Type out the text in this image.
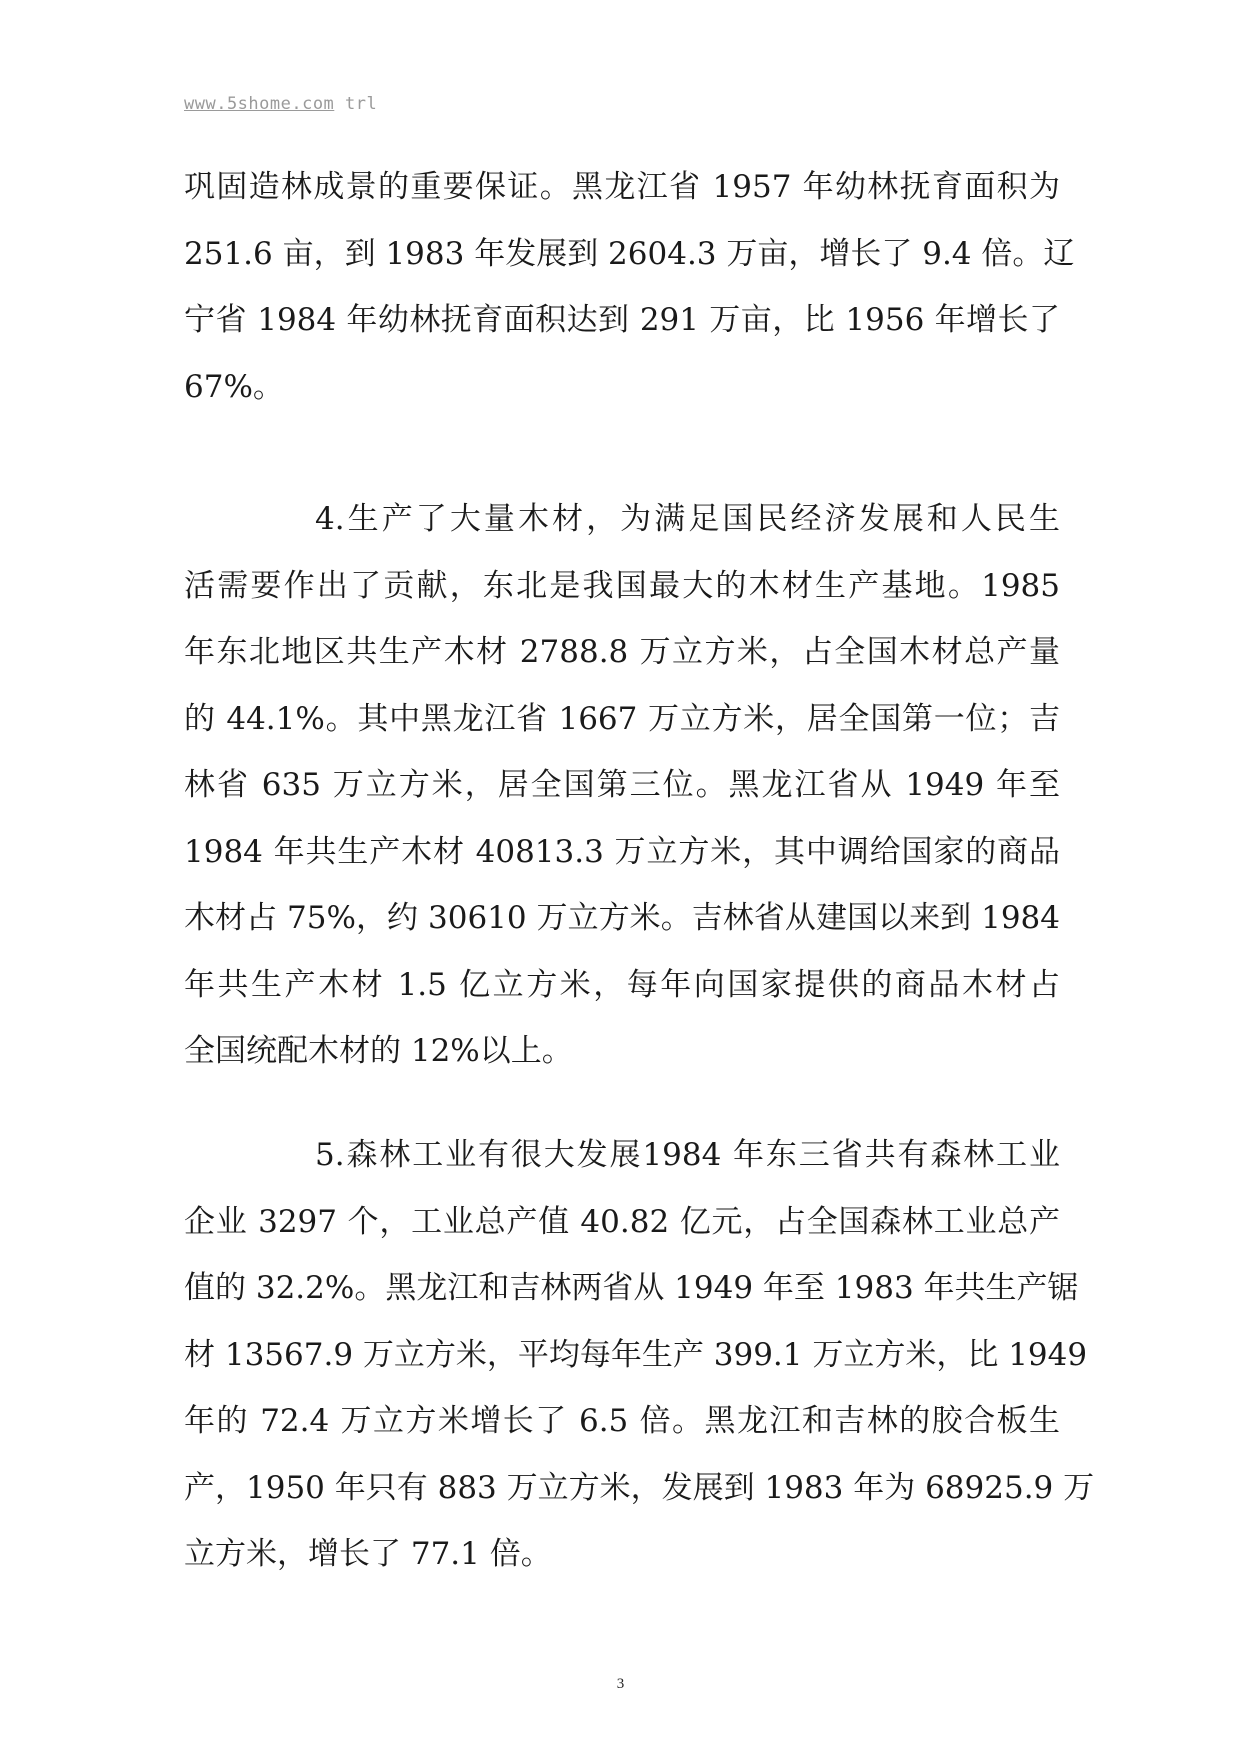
www.5shome.com trl
巩固造林成景的重要保证。黑龙江省 1957 年幼林抚育面积为
251.6 亩，到 1983 年发展到 2604.3 万亩，增长了 9.4 倍。辽
宁省 1984 年幼林抚育面积达到 291 万亩，比 1956 年增长了
67%。
4.生产了大量木材，为满足国民经济发展和人民生
活需要作出了贡献，东北是我国最大的木材生产基地。1985
年东北地区共生产木材 2788.8 万立方米，占全国木材总产量
的 44.1%。其中黑龙江省 1667 万立方米，居全国第一位；吉
林省 635 万立方米，居全国第三位。黑龙江省从 1949 年至
1984 年共生产木材 40813.3 万立方米，其中调给国家的商品
木材占 75%，约 30610 万立方米。吉林省从建国以来到 1984
年共生产木材 1.5 亿立方米，每年向国家提供的商品木材占
全国统配木材的 12%以上。
5.森林工业有很大发展1984 年东三省共有森林工业
企业 3297 个，工业总产值 40.82 亿元，占全国森林工业总产
值的 32.2%。黑龙江和吉林两省从 1949 年至 1983 年共生产锯
材 13567.9 万立方米，平均每年生产 399.1 万立方米，比 1949
年的 72.4 万立方米增长了 6.5 倍。黑龙江和吉林的胶合板生
产，1950 年只有 883 万立方米，发展到 1983 年为 68925.9 万
立方米，增长了 77.1 倍。
3
